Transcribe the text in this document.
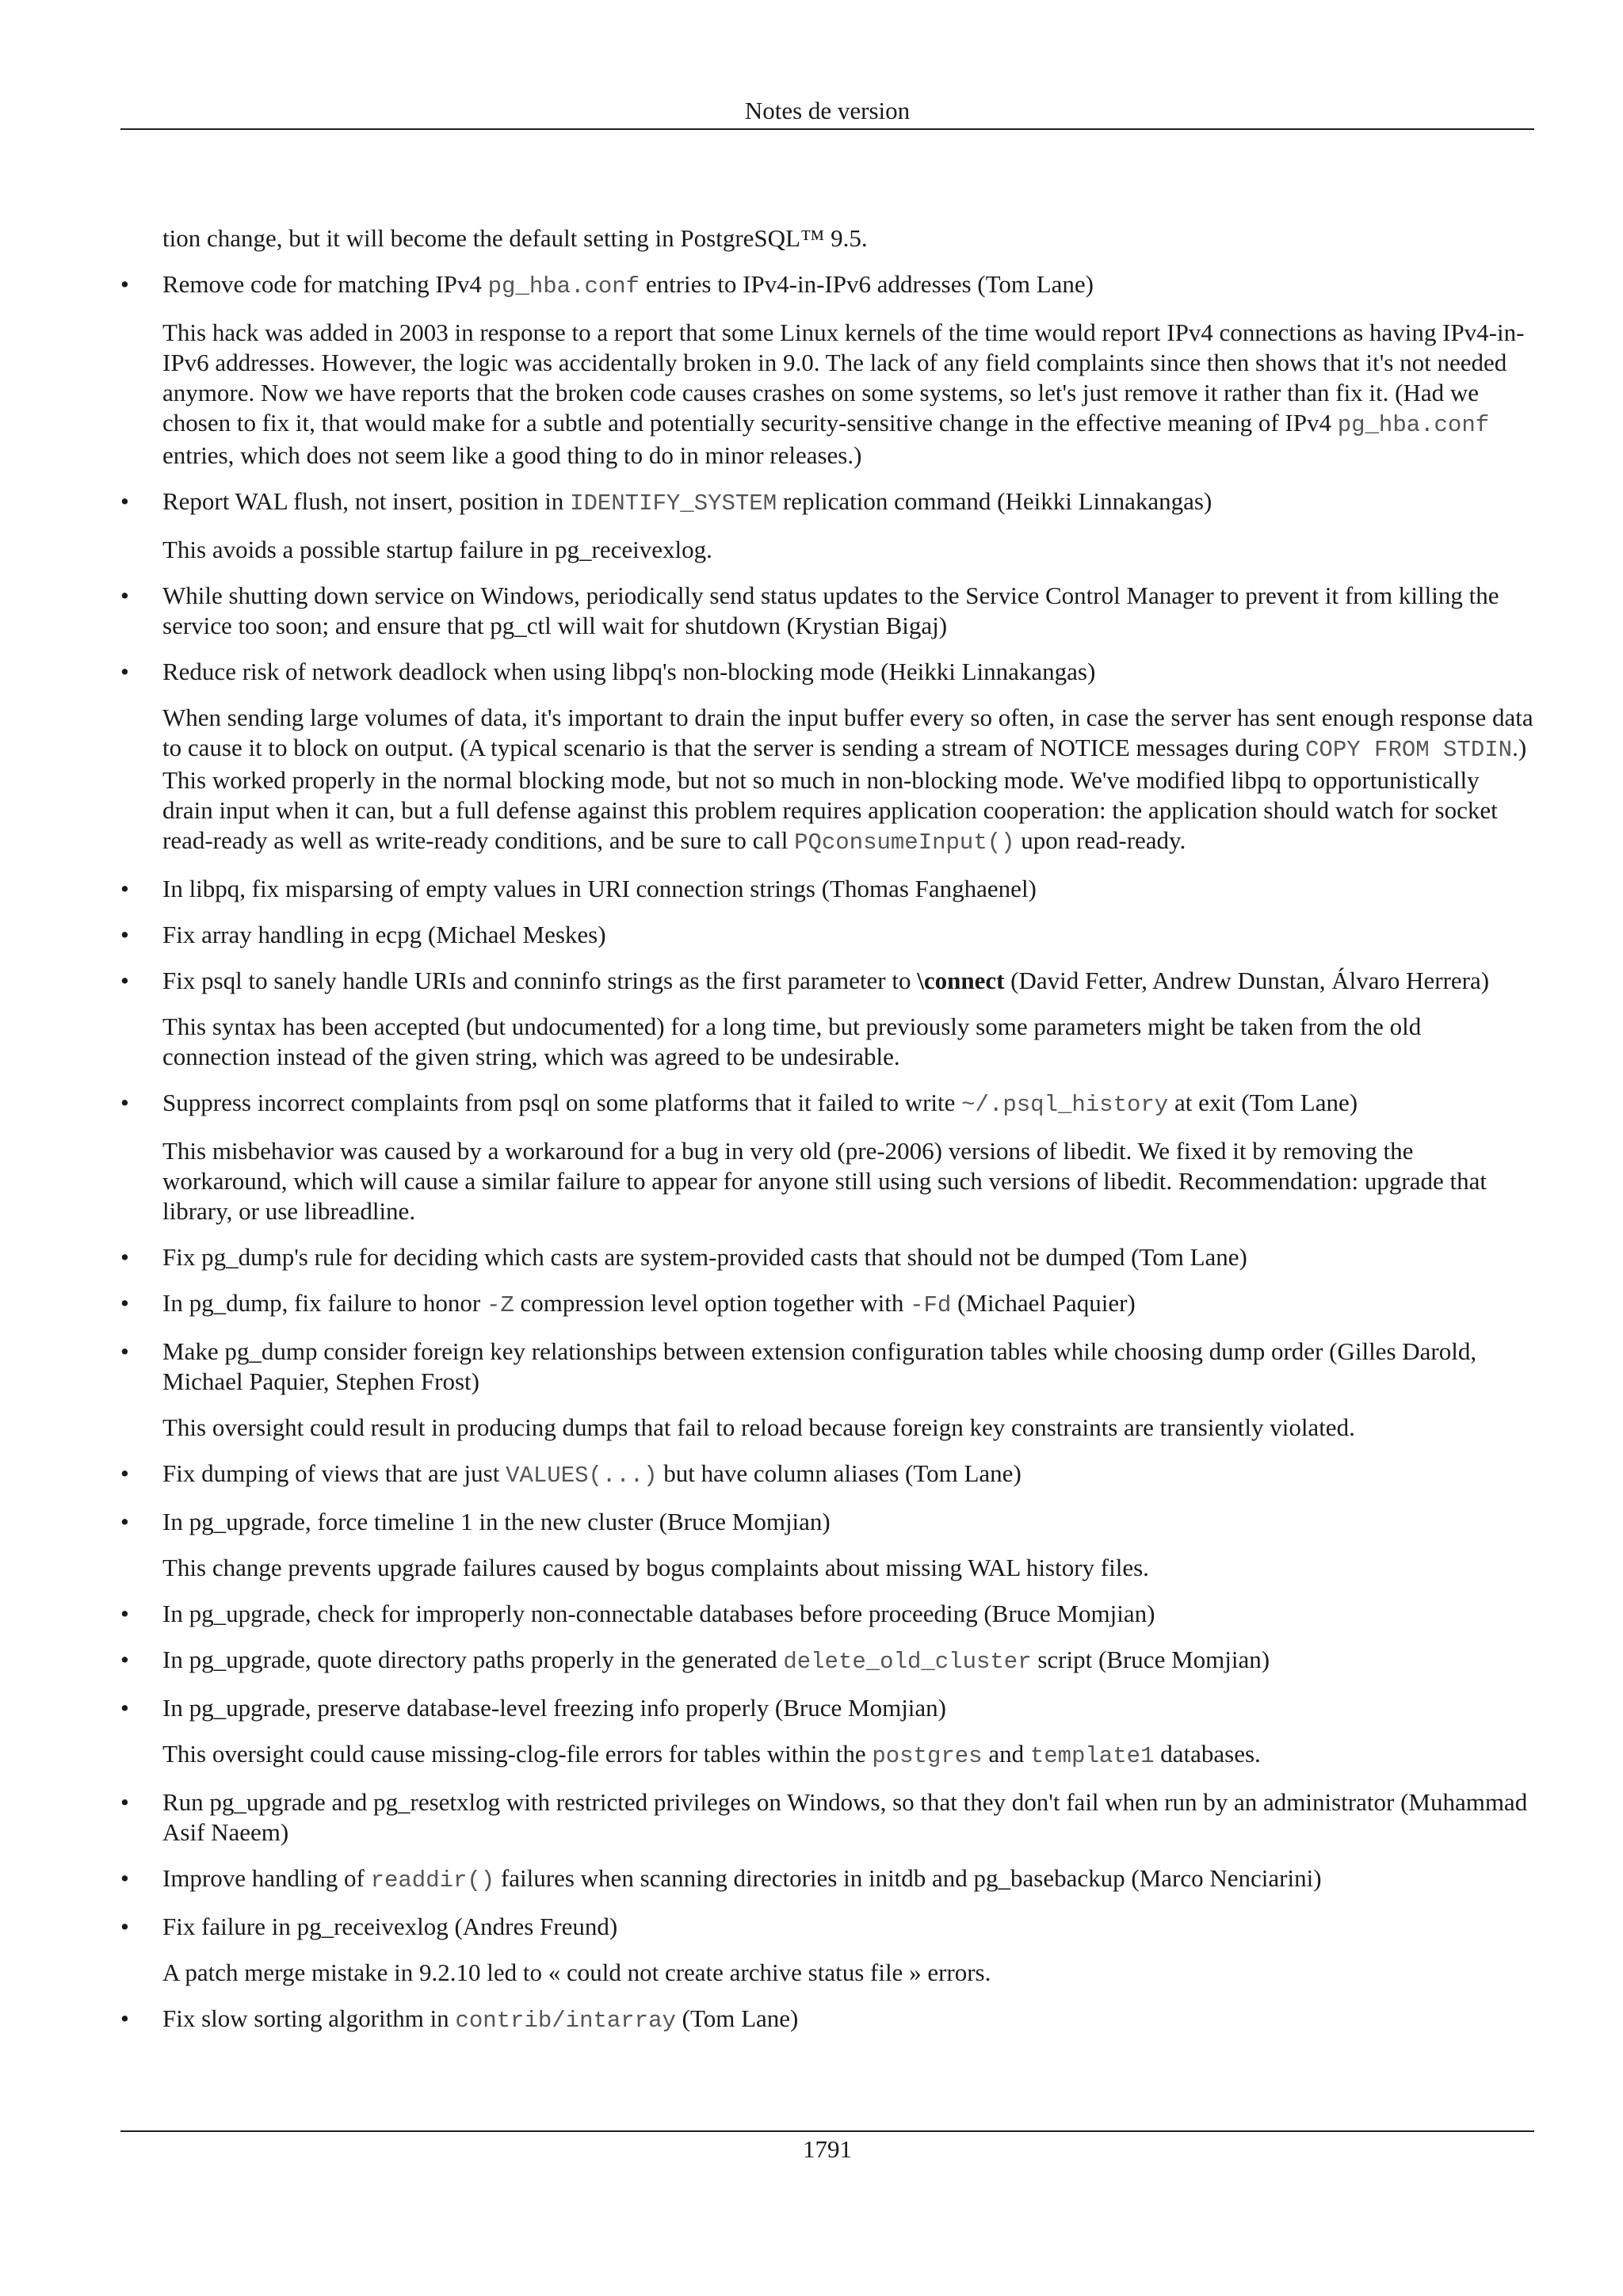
Notes de version
tion change, but it will become the default setting in PostgreSQL™ 9.5.
• Remove code for matching IPv4 pg_hba.conf entries to IPv4-in-IPv6 addresses (Tom Lane)
This hack was added in 2003 in response to a report that some Linux kernels of the time would report IPv4 connections as having IPv4-in-IPv6 addresses. However, the logic was accidentally broken in 9.0. The lack of any field complaints since then shows that it's not needed anymore. Now we have reports that the broken code causes crashes on some systems, so let's just remove it rather than fix it. (Had we chosen to fix it, that would make for a subtle and potentially security-sensitive change in the effective meaning of IPv4 pg_hba.conf entries, which does not seem like a good thing to do in minor releases.)
• Report WAL flush, not insert, position in IDENTIFY_SYSTEM replication command (Heikki Linnakangas)
This avoids a possible startup failure in pg_receivexlog.
• While shutting down service on Windows, periodically send status updates to the Service Control Manager to prevent it from killing the service too soon; and ensure that pg_ctl will wait for shutdown (Krystian Bigaj)
• Reduce risk of network deadlock when using libpq's non-blocking mode (Heikki Linnakangas)
When sending large volumes of data, it's important to drain the input buffer every so often, in case the server has sent enough response data to cause it to block on output. (A typical scenario is that the server is sending a stream of NOTICE messages during COPY FROM STDIN.) This worked properly in the normal blocking mode, but not so much in non-blocking mode. We've modified libpq to opportunistically drain input when it can, but a full defense against this problem requires application cooperation: the application should watch for socket read-ready as well as write-ready conditions, and be sure to call PQconsumeInput() upon read-ready.
• In libpq, fix misparsing of empty values in URI connection strings (Thomas Fanghaenel)
• Fix array handling in ecpg (Michael Meskes)
• Fix psql to sanely handle URIs and conninfo strings as the first parameter to \connect (David Fetter, Andrew Dunstan, Álvaro Herrera)
This syntax has been accepted (but undocumented) for a long time, but previously some parameters might be taken from the old connection instead of the given string, which was agreed to be undesirable.
• Suppress incorrect complaints from psql on some platforms that it failed to write ~/.psql_history at exit (Tom Lane)
This misbehavior was caused by a workaround for a bug in very old (pre-2006) versions of libedit. We fixed it by removing the workaround, which will cause a similar failure to appear for anyone still using such versions of libedit. Recommendation: upgrade that library, or use libreadline.
• Fix pg_dump's rule for deciding which casts are system-provided casts that should not be dumped (Tom Lane)
• In pg_dump, fix failure to honor -Z compression level option together with -Fd (Michael Paquier)
• Make pg_dump consider foreign key relationships between extension configuration tables while choosing dump order (Gilles Darold, Michael Paquier, Stephen Frost)
This oversight could result in producing dumps that fail to reload because foreign key constraints are transiently violated.
• Fix dumping of views that are just VALUES(...) but have column aliases (Tom Lane)
• In pg_upgrade, force timeline 1 in the new cluster (Bruce Momjian)
This change prevents upgrade failures caused by bogus complaints about missing WAL history files.
• In pg_upgrade, check for improperly non-connectable databases before proceeding (Bruce Momjian)
• In pg_upgrade, quote directory paths properly in the generated delete_old_cluster script (Bruce Momjian)
• In pg_upgrade, preserve database-level freezing info properly (Bruce Momjian)
This oversight could cause missing-clog-file errors for tables within the postgres and template1 databases.
• Run pg_upgrade and pg_resetxlog with restricted privileges on Windows, so that they don't fail when run by an administrator (Muhammad Asif Naeem)
• Improve handling of readdir() failures when scanning directories in initdb and pg_basebackup (Marco Nenciarini)
• Fix failure in pg_receivexlog (Andres Freund)
A patch merge mistake in 9.2.10 led to « could not create archive status file » errors.
• Fix slow sorting algorithm in contrib/intarray (Tom Lane)
1791
